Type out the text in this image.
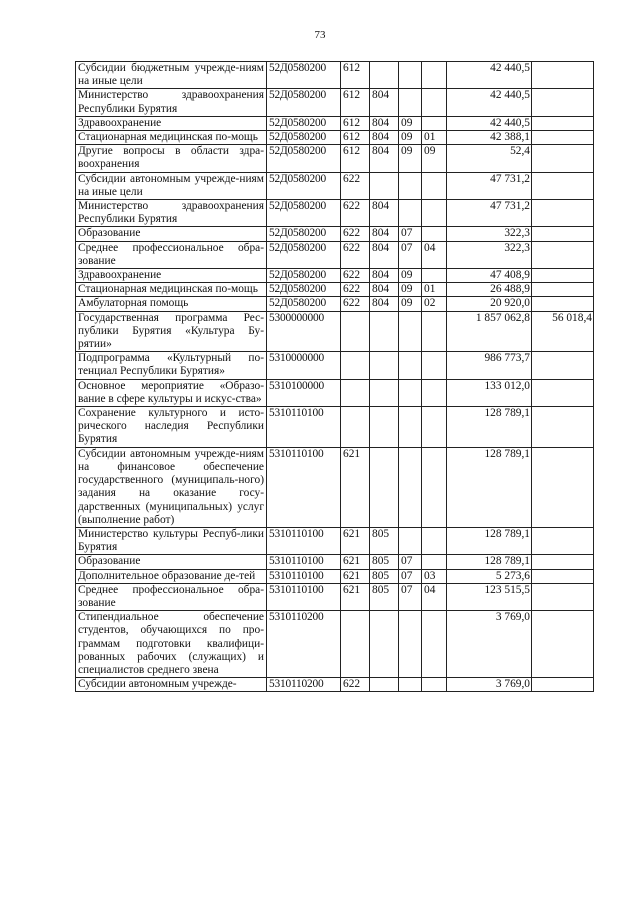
73
Субсидии бюджетным учрежде-ниям на иные цели	52Д0580200	612				42 440,5	
Министерство здравоохранения Республики Бурятия	52Д0580200	612	804			42 440,5	
Здравоохранение	52Д0580200	612	804	09		42 440,5	
Стационарная медицинская по-мощь	52Д0580200	612	804	09	01	42 388,1	
Другие вопросы в области здра-воохранения	52Д0580200	612	804	09	09	52,4	
Субсидии автономным учрежде-ниям на иные цели	52Д0580200	622				47 731,2	
Министерство здравоохранения Республики Бурятия	52Д0580200	622	804			47 731,2	
Образование	52Д0580200	622	804	07		322,3	
Среднее профессиональное обра-зование	52Д0580200	622	804	07	04	322,3	
Здравоохранение	52Д0580200	622	804	09		47 408,9	
Стационарная медицинская по-мощь	52Д0580200	622	804	09	01	26 488,9	
Амбулаторная помощь	52Д0580200	622	804	09	02	20 920,0	
Государственная программа Рес-публики Бурятия «Культура Бу-рятии»	5300000000					1 857 062,8	56 018,4
Подпрограмма «Культурный по-тенциал Республики Бурятия»	5310000000					986 773,7	
Основное мероприятие «Образо-вание в сфере культуры и искус-ства»	5310100000					133 012,0	
Сохранение культурного и исто-рического наследия Республики Бурятия	5310110100					128 789,1	
Субсидии автономным учрежде-ниям на финансовое обеспечение государственного (муниципаль-ного) задания на оказание госу-дарственных (муниципальных) услуг (выполнение работ)	5310110100	621				128 789,1	
Министерство культуры Респуб-лики Бурятия	5310110100	621	805			128 789,1	
Образование	5310110100	621	805	07		128 789,1	
Дополнительное образование де-тей	5310110100	621	805	07	03	5 273,6	
Среднее профессиональное обра-зование	5310110100	621	805	07	04	123 515,5	
Стипендиальное обеспечение студентов, обучающихся по про-граммам подготовки квалифици-рованных рабочих (служащих) и специалистов среднего звена	5310110200					3 769,0	
Субсидии автономным учрежде-	5310110200	622				3 769,0	
